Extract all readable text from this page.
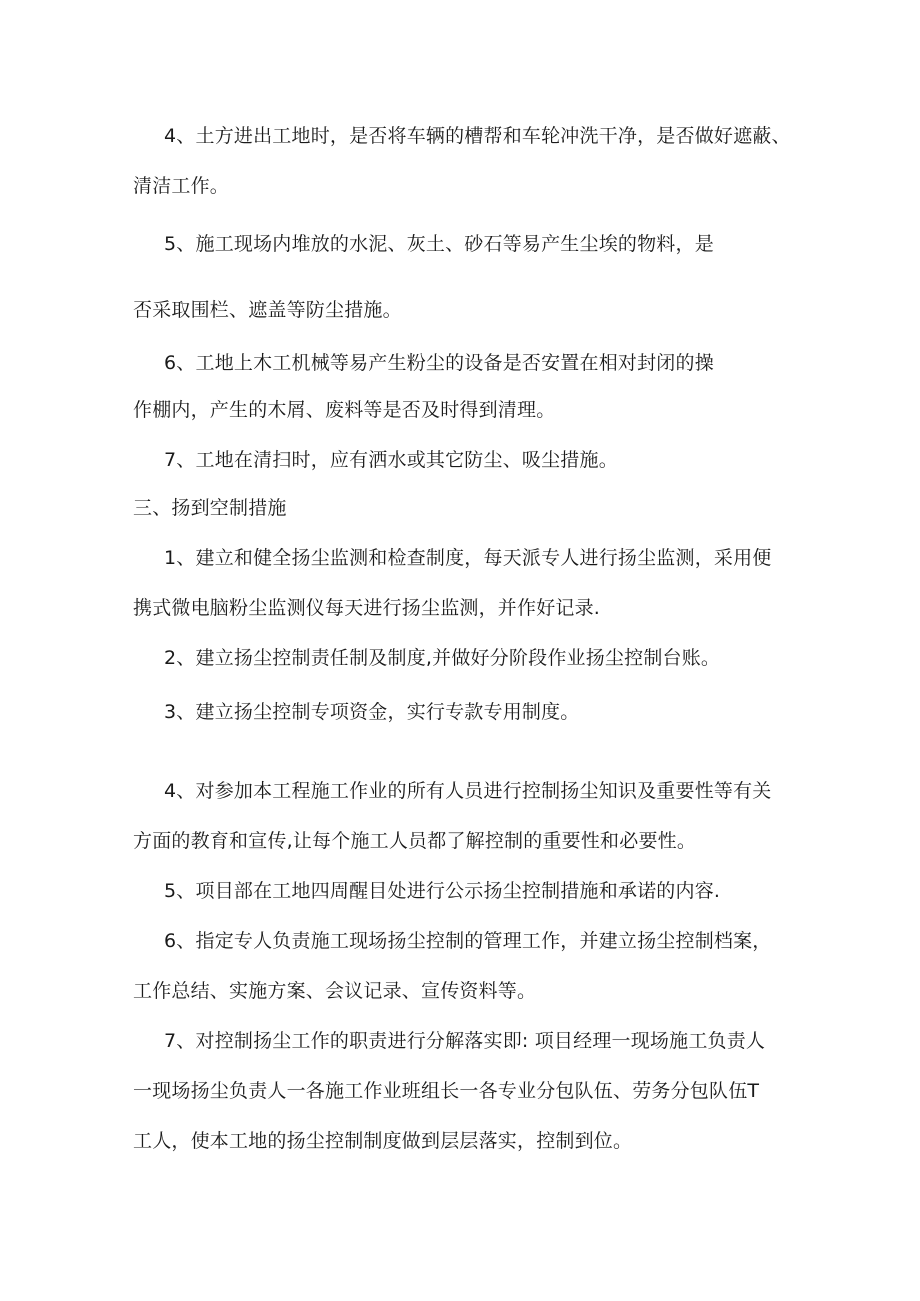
4、土方进出工地时，是否将车辆的槽帮和车轮冲洗干净，是否做好遮蔽、
清洁工作。
5、施工现场内堆放的水泥、灰土、砂石等易产生尘埃的物料，是
否采取围栏、遮盖等防尘措施。
6、工地上木工机械等易产生粉尘的设备是否安置在相对封闭的操
作棚内，产生的木屑、废料等是否及时得到清理。
7、工地在清扫时，应有洒水或其它防尘、吸尘措施。
三、扬到空制措施
1、建立和健全扬尘监测和检查制度，每天派专人进行扬尘监测，采用便
携式微电脑粉尘监测仪每天进行扬尘监测，并作好记录.
2、建立扬尘控制责任制及制度,并做好分阶段作业扬尘控制台账。
3、建立扬尘控制专项资金，实行专款专用制度。
4、对参加本工程施工作业的所有人员进行控制扬尘知识及重要性等有关
方面的教育和宣传,让每个施工人员都了解控制的重要性和必要性。
5、项目部在工地四周醒目处进行公示扬尘控制措施和承诺的内容.
6、指定专人负责施工现场扬尘控制的管理工作，并建立扬尘控制档案，
工作总结、实施方案、会议记录、宣传资料等。
7、对控制扬尘工作的职责进行分解落实即: 项目经理一现场施工负责人
一现场扬尘负责人一各施工作业班组长一各专业分包队伍、劳务分包队伍T
工人，使本工地的扬尘控制制度做到层层落实，控制到位。
